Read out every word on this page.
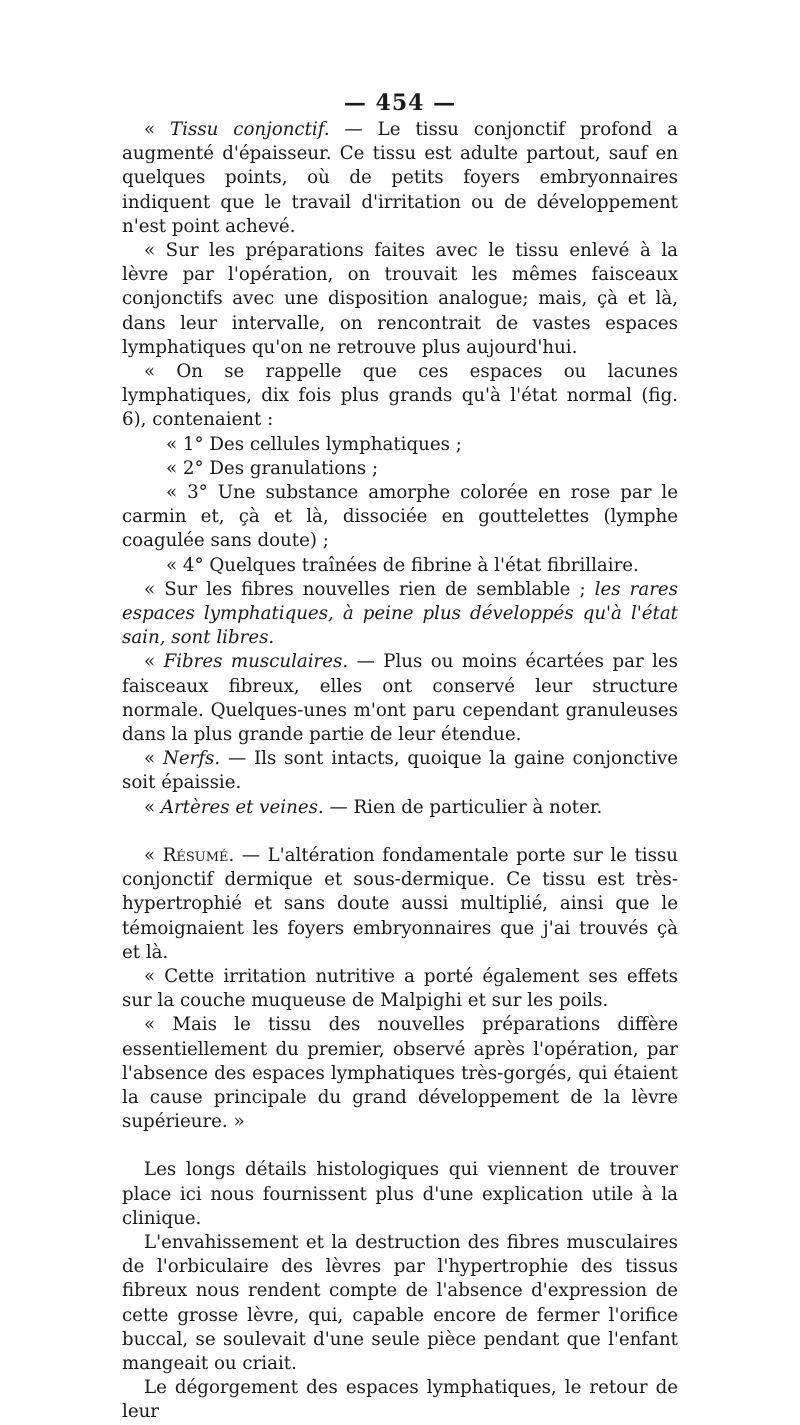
— 454 —

« Tissu conjonctif. — Le tissu conjonctif profond a augmenté d'épaisseur. Ce tissu est adulte partout, sauf en quelques points, où de petits foyers embryonnaires indiquent que le travail d'irritation ou de développement n'est point achevé.

« Sur les préparations faites avec le tissu enlevé à la lèvre par l'opération, on trouvait les mêmes faisceaux conjonctifs avec une disposition analogue; mais, çà et là, dans leur intervalle, on rencontrait de vastes espaces lymphatiques qu'on ne retrouve plus aujourd'hui.

« On se rappelle que ces espaces ou lacunes lymphatiques, dix fois plus grands qu'à l'état normal (fig. 6), contenaient :

« 1° Des cellules lymphatiques ;

« 2° Des granulations ;

« 3° Une substance amorphe colorée en rose par le carmin et, çà et là, dissociée en gouttelettes (lymphe coagulée sans doute) ;

« 4° Quelques traînées de fibrine à l'état fibrillaire.

« Sur les fibres nouvelles rien de semblable ; les rares espaces lymphatiques, à peine plus développés qu'à l'état sain, sont libres.

« Fibres musculaires. — Plus ou moins écartées par les faisceaux fibreux, elles ont conservé leur structure normale. Quelques-unes m'ont paru cependant granuleuses dans la plus grande partie de leur étendue.

« Nerfs. — Ils sont intacts, quoique la gaine conjonctive soit épaissie.

« Artères et veines. — Rien de particulier à noter.

« Résumé. — L'altération fondamentale porte sur le tissu conjonctif dermique et sous-dermique. Ce tissu est très-hypertrophié et sans doute aussi multiplié, ainsi que le témoignaient les foyers embryonnaires que j'ai trouvés çà et là.

« Cette irritation nutritive a porté également ses effets sur la couche muqueuse de Malpighi et sur les poils.

« Mais le tissu des nouvelles préparations diffère essentiellement du premier, observé après l'opération, par l'absence des espaces lymphatiques très-gorgés, qui étaient la cause principale du grand développement de la lèvre supérieure. »

Les longs détails histologiques qui viennent de trouver place ici nous fournissent plus d'une explication utile à la clinique.

L'envahissement et la destruction des fibres musculaires de l'orbiculaire des lèvres par l'hypertrophie des tissus fibreux nous rendent compte de l'absence d'expression de cette grosse lèvre, qui, capable encore de fermer l'orifice buccal, se soulevait d'une seule pièce pendant que l'enfant mangeait ou criait.

Le dégorgement des espaces lymphatiques, le retour de leur
